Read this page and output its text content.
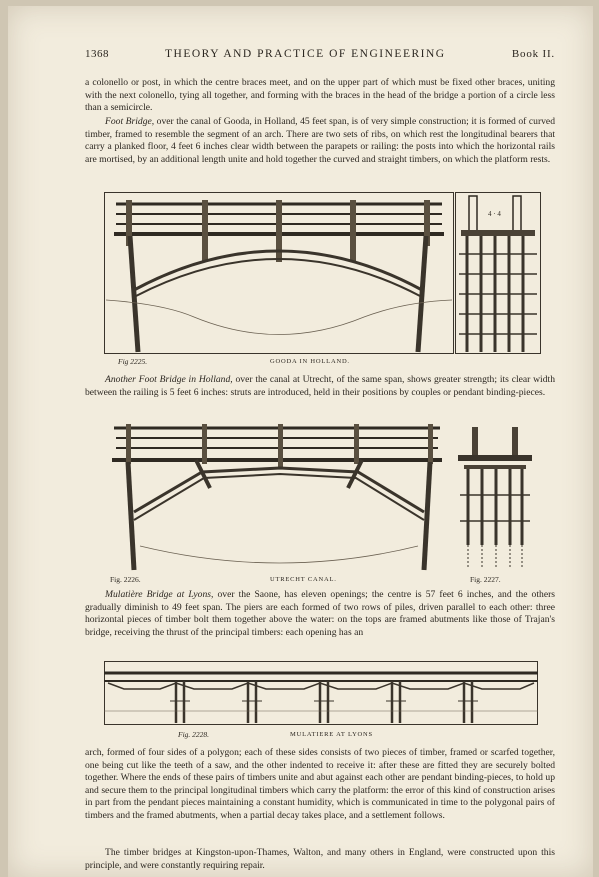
1368	THEORY AND PRACTICE OF ENGINEERING	Book II.

a colonello or post, in which the centre braces meet, and on the upper part of which must be fixed other braces, uniting with the next colonello, tying all together, and forming with the braces in the head of the bridge a portion of a circle less than a semicircle.

Foot Bridge, over the canal of Gooda, in Holland, 45 feet span, is of very simple construction; it is formed of curved timber, framed to resemble the segment of an arch. There are two sets of ribs, on which rest the longitudinal bearers that carry a planked floor, 4 feet 6 inches clear width between the parapets or railing: the posts into which the horizontal rails are mortised, by an additional length unite and hold together the curved and straight timbers, on which the platform rests.

4 · 4
Fig 2225.	GOODA IN HOLLAND.

Another Foot Bridge in Holland, over the canal at Utrecht, of the same span, shows greater strength; its clear width between the railing is 5 feet 6 inches: struts are introduced, held in their positions by couples or pendant binding-pieces.

Fig. 2226.	UTRECHT CANAL.	Fig. 2227.

Mulatière Bridge at Lyons, over the Saone, has eleven openings; the centre is 57 feet 6 inches, and the others gradually diminish to 49 feet span. The piers are each formed of two rows of piles, driven parallel to each other: three horizontal pieces of timber bolt them together above the water: on the tops are framed abutments like those of Trajan's bridge, receiving the thrust of the principal timbers: each opening has an

Fig. 2228.	MULATIERE AT LYONS

arch, formed of four sides of a polygon; each of these sides consists of two pieces of timber, framed or scarfed together, one being cut like the teeth of a saw, and the other indented to receive it: after these are fitted they are securely bolted together. Where the ends of these pairs of timbers unite and abut against each other are pendant binding-pieces, to hold up and secure them to the principal longitudinal timbers which carry the platform: the error of this kind of construction arises in part from the pendant pieces maintaining a constant humidity, which is communicated in time to the polygonal pairs of timbers and the framed abutments, when a partial decay takes place, and a settlement follows.

The timber bridges at Kingston-upon-Thames, Walton, and many others in England, were constructed upon this principle, and were constantly requiring repair.
